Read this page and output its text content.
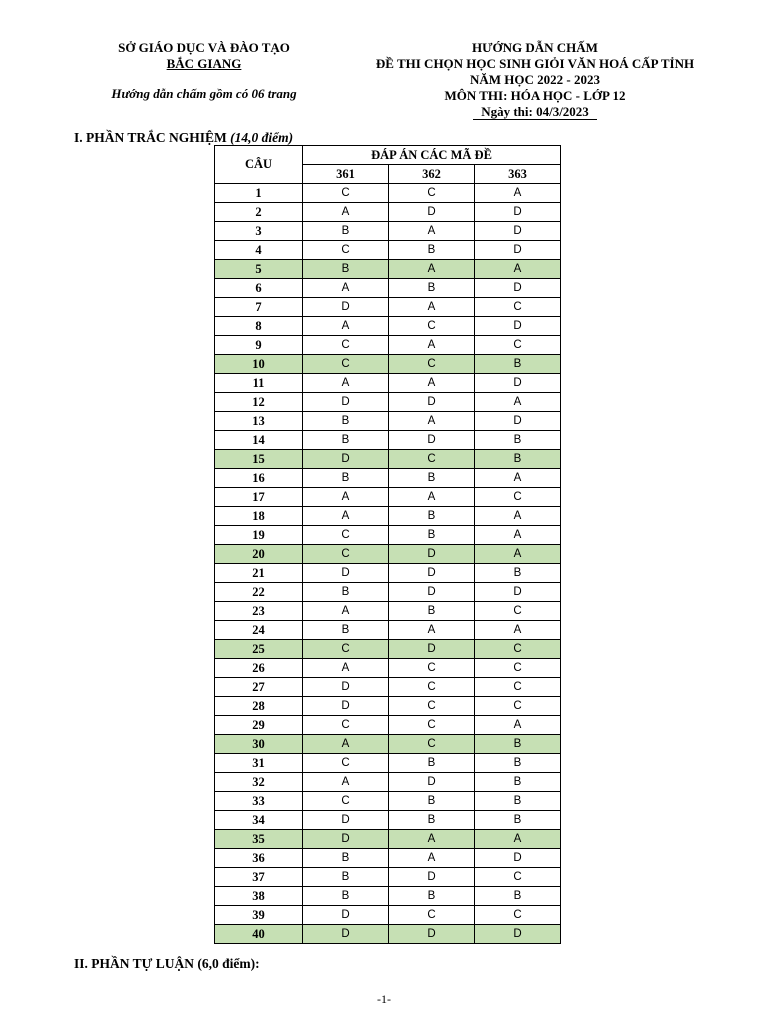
SỞ GIÁO DỤC VÀ ĐÀO TẠO
BẮC GIANG
Hướng dẫn chấm gồm có 06 trang
HƯỚNG DẪN CHẤM
ĐỀ THI CHỌN HỌC SINH GIỎI VĂN HOÁ CẤP TỈNH
NĂM HỌC 2022 - 2023
MÔN THI: HÓA HỌC - LỚP 12
Ngày thi: 04/3/2023
I. PHẦN TRẮC NGHIỆM (14,0 điểm)
CÂU	ĐÁP ÁN CÁC MÃ ĐỀ		
	361	362	363
1	C	C	A
2	A	D	D
3	B	A	D
4	C	B	D
5	B	A	A
6	A	B	D
7	D	A	C
8	A	C	D
9	C	A	C
10	C	C	B
11	A	A	D
12	D	D	A
13	B	A	D
14	B	D	B
15	D	C	B
16	B	B	A
17	A	A	C
18	A	B	A
19	C	B	A
20	C	D	A
21	D	D	B
22	B	D	D
23	A	B	C
24	B	A	A
25	C	D	C
26	A	C	C
27	D	C	C
28	D	C	C
29	C	C	A
30	A	C	B
31	C	B	B
32	A	D	B
33	C	B	B
34	D	B	B
35	D	A	A
36	B	A	D
37	B	D	C
38	B	B	B
39	D	C	C
40	D	D	D
II. PHẦN TỰ LUẬN (6,0 điểm):
-1-
